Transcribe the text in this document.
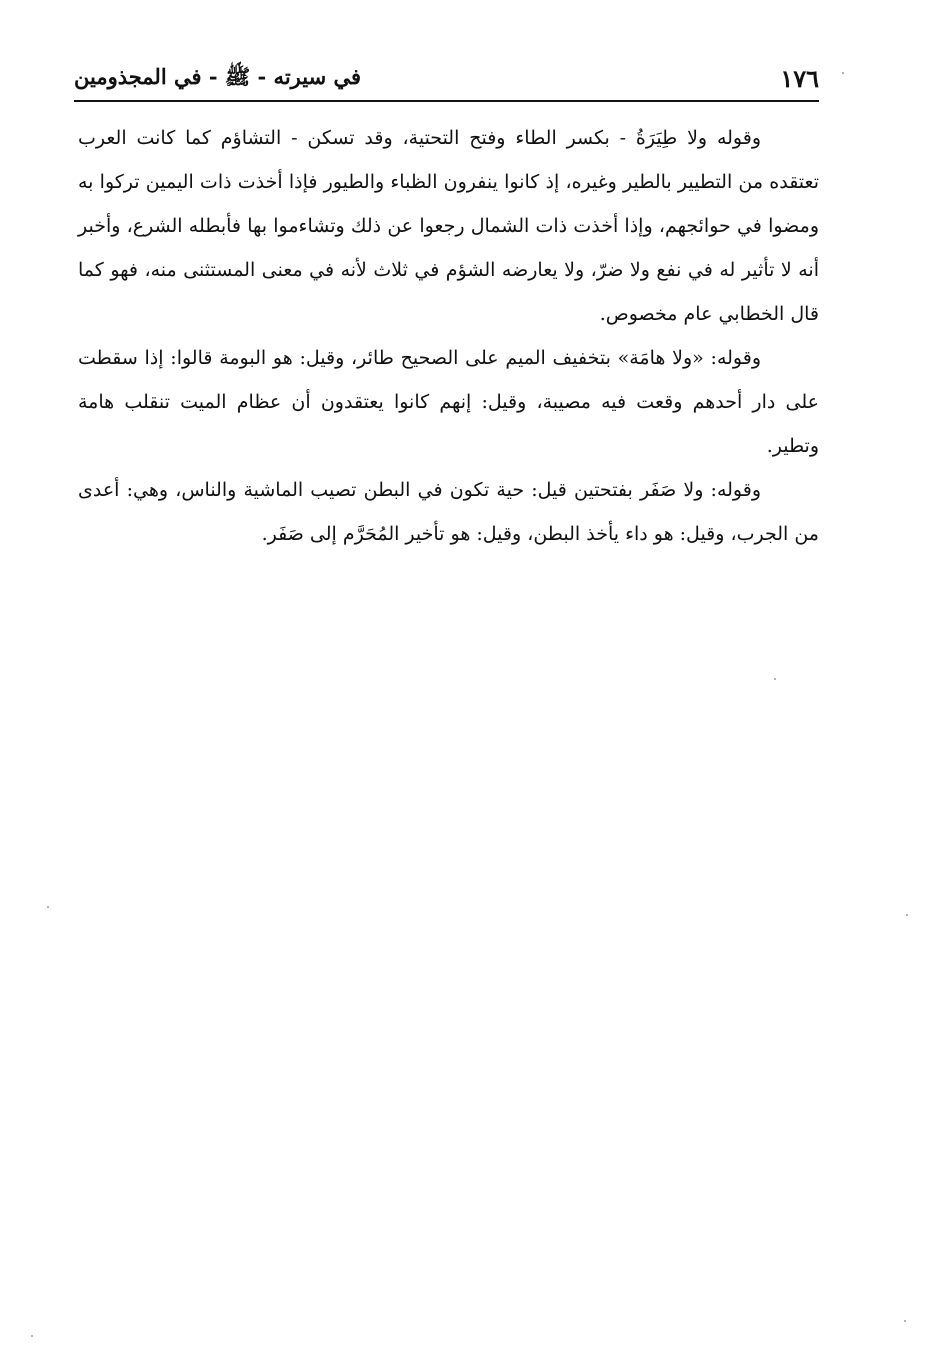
١٧٦
في سيرته - ﷺ - في المجذومين

وقوله ولا طِيَرَةُ - بكسر الطاء وفتح التحتية، وقد تسكن - التشاؤم كما كانت العرب تعتقده من التطيير بالطير وغيره، إذ كانوا ينفرون الظباء والطيور فإذا أخذت ذات اليمين تركوا به ومضوا في حوائجهم، وإذا أخذت ذات الشمال رجعوا عن ذلك وتشاءموا بها فأبطله الشرع، وأخبر أنه لا تأثير له في نفع ولا ضرّ، ولا يعارضه الشؤم في ثلاث لأنه في معنى المستثنى منه، فهو كما قال الخطابي عام مخصوص.

وقوله: «ولا هامَة» بتخفيف الميم على الصحيح طائر، وقيل: هو البومة قالوا: إذا سقطت على دار أحدهم وقعت فيه مصيبة، وقيل: إنهم كانوا يعتقدون أن عظام الميت تنقلب هامة وتطير.

وقوله: ولا صَفَر بفتحتين قيل: حية تكون في البطن تصيب الماشية والناس، وهي: أعدى من الجرب، وقيل: هو داء يأخذ البطن، وقيل: هو تأخير المُحَرَّم إلى صَفَر.
